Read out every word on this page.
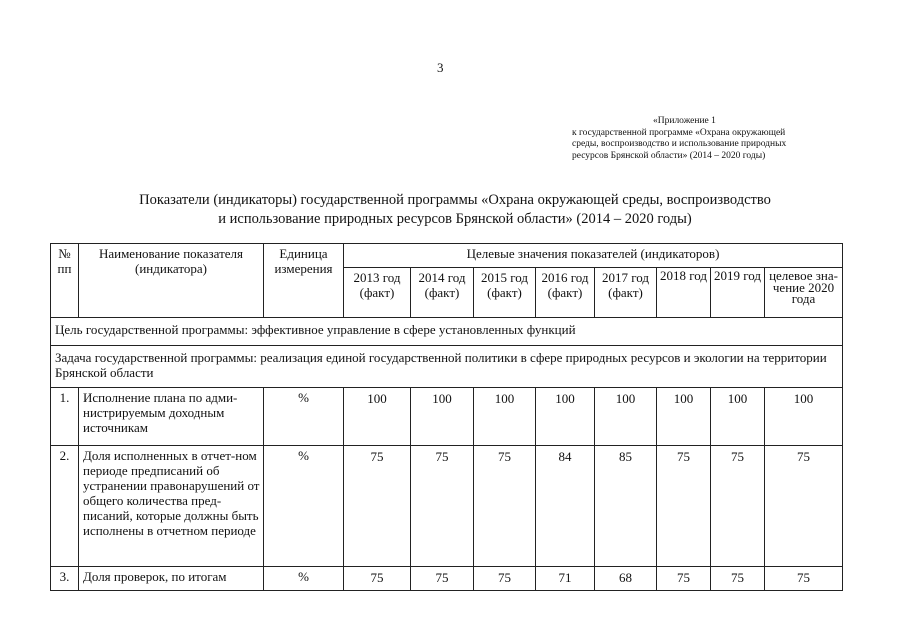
3
«Приложение 1
к государственной программе «Охрана окружающей
среды, воспроизводство и использование природных
ресурсов Брянской области» (2014 – 2020 годы)
Показатели (индикаторы) государственной программы «Охрана окружающей среды, воспроизводство
и использование природных ресурсов Брянской области» (2014 – 2020 годы)
№ пп	Наименование показателя (индикатора)	Единица измерения	Целевые значения показателей (индикаторов)							
			2013 год (факт)	2014 год (факт)	2015 год (факт)	2016 год (факт)	2017 год (факт)	2018 год	2019 год	целевое зна-чение 2020 года
Цель государственной программы: эффективное управление в сфере установленных функций										
Задача государственной программы: реализация единой государственной политики в сфере природных ресурсов и экологии на территории Брянской области										
1.	Исполнение плана по адми-нистрируемым доходным источникам	%	100	100	100	100	100	100	100	100
2.	Доля исполненных в отчет-ном периоде предписаний об устранении правонарушений от общего количества пред-писаний, которые должны быть исполнены в отчетном периоде	%	75	75	75	84	85	75	75	75
3.	Доля проверок, по итогам	%	75	75	75	71	68	75	75	75
